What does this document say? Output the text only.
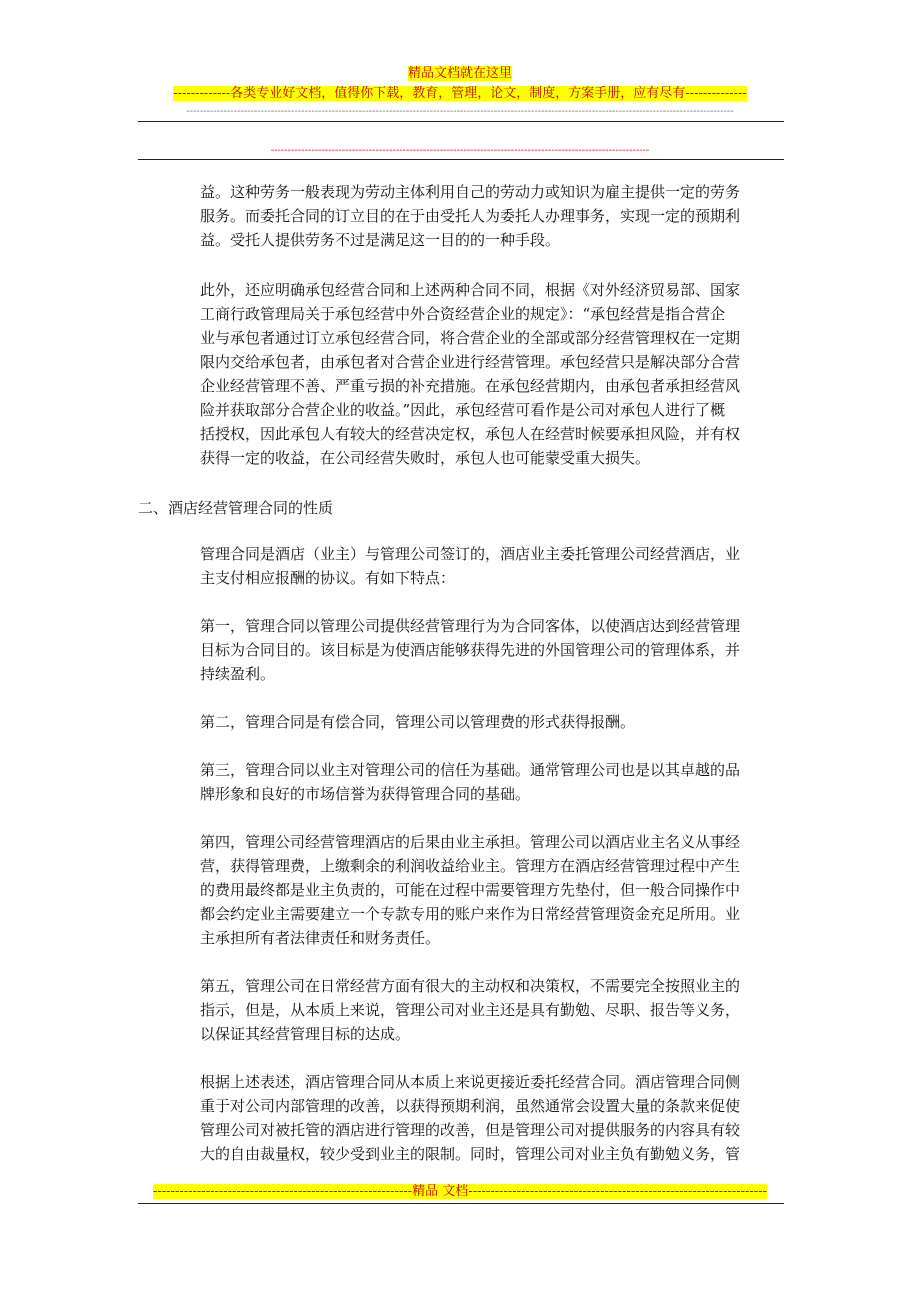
精品文档就在这里
-------------各类专业好文档，值得你下载，教育，管理，论文，制度，方案手册，应有尽有--------------
------------------------------------------------------------------------------------------------------------------------------------------------------------------
----------------------------------------------------------------------------------------------------------------
益。这种劳务一般表现为劳动主体利用自己的劳动力或知识为雇主提供一定的劳务
服务。而委托合同的订立目的在于由受托人为委托人办理事务，实现一定的预期利
益。受托人提供劳务不过是满足这一目的的一种手段。
此外，还应明确承包经营合同和上述两种合同不同，根据《对外经济贸易部、国家
工商行政管理局关于承包经营中外合资经营企业的规定》：“承包经营是指合营企
业与承包者通过订立承包经营合同，将合营企业的全部或部分经营管理权在一定期
限内交给承包者，由承包者对合营企业进行经营管理。承包经营只是解决部分合营
企业经营管理不善、严重亏损的补充措施。在承包经营期内，由承包者承担经营风
险并获取部分合营企业的收益。”因此，承包经营可看作是公司对承包人进行了概
括授权，因此承包人有较大的经营决定权，承包人在经营时候要承担风险，并有权
获得一定的收益，在公司经营失败时，承包人也可能蒙受重大损失。
二、酒店经营管理合同的性质
管理合同是酒店（业主）与管理公司签订的，酒店业主委托管理公司经营酒店，业
主支付相应报酬的协议。有如下特点：
第一，管理合同以管理公司提供经营管理行为为合同客体，以使酒店达到经营管理
目标为合同目的。该目标是为使酒店能够获得先进的外国管理公司的管理体系，并
持续盈利。
第二，管理合同是有偿合同，管理公司以管理费的形式获得报酬。
第三，管理合同以业主对管理公司的信任为基础。通常管理公司也是以其卓越的品
牌形象和良好的市场信誉为获得管理合同的基础。
第四，管理公司经营管理酒店的后果由业主承担。管理公司以酒店业主名义从事经
营，获得管理费，上缴剩余的利润收益给业主。管理方在酒店经营管理过程中产生
的费用最终都是业主负责的，可能在过程中需要管理方先垫付，但一般合同操作中
都会约定业主需要建立一个专款专用的账户来作为日常经营管理资金充足所用。业
主承担所有者法律责任和财务责任。
第五，管理公司在日常经营方面有很大的主动权和决策权，不需要完全按照业主的
指示，但是，从本质上来说，管理公司对业主还是具有勤勉、尽职、报告等义务，
以保证其经营管理目标的达成。
根据上述表述，酒店管理合同从本质上来说更接近委托经营合同。酒店管理合同侧
重于对公司内部管理的改善，以获得预期利润，虽然通常会设置大量的条款来促使
管理公司对被托管的酒店进行管理的改善，但是管理公司对提供服务的内容具有较
大的自由裁量权，较少受到业主的限制。同时，管理公司对业主负有勤勉义务，管
-----------------------------------------------------------精品 文档--------------------------------------------------------------------
